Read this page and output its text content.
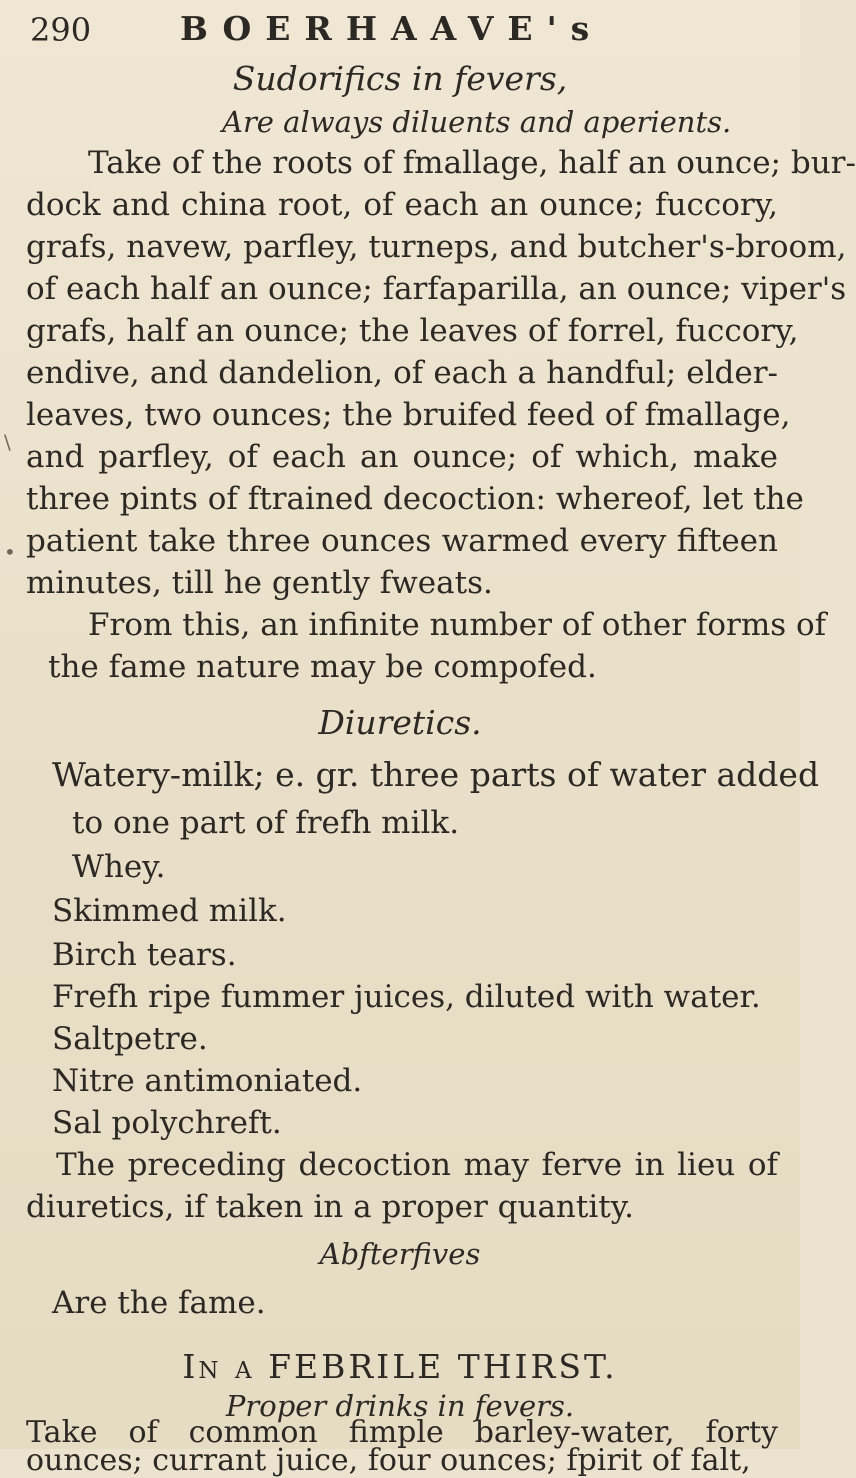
290	BOERHAAVE's
Sudorifics in fevers,
Are always diluents and aperients.
Take of the roots of fmallage, half an ounce; bur-
dock and china root, of each an ounce; fuccory,
grafs, navew, parfley, turneps, and butcher's-broom,
of each half an ounce; farfaparilla, an ounce; viper's
grafs, half an ounce; the leaves of forrel, fuccory,
endive, and dandelion, of each a handful; elder-
leaves, two ounces; the bruifed feed of fmallage,
and parfley, of each an ounce; of which, make
three pints of ftrained decoction: whereof, let the
patient take three ounces warmed every fifteen
minutes, till he gently fweats.
From this, an infinite number of other forms of
the fame nature may be compofed.
Diuretics.
Watery-milk; e. gr. three parts of water added
to one part of frefh milk.
Whey.
Skimmed milk.
Birch tears.
Frefh ripe fummer juices, diluted with water.
Saltpetre.
Nitre antimoniated.
Sal polychreft.
The preceding decoction may ferve in lieu of
diuretics, if taken in a proper quantity.
Abfterfives
Are the fame.
In a FEBRILE THIRST.
Proper drinks in fevers.
Take of common fimple barley-water, forty
ounces; currant juice, four ounces; fpirit of falt,
\
•
